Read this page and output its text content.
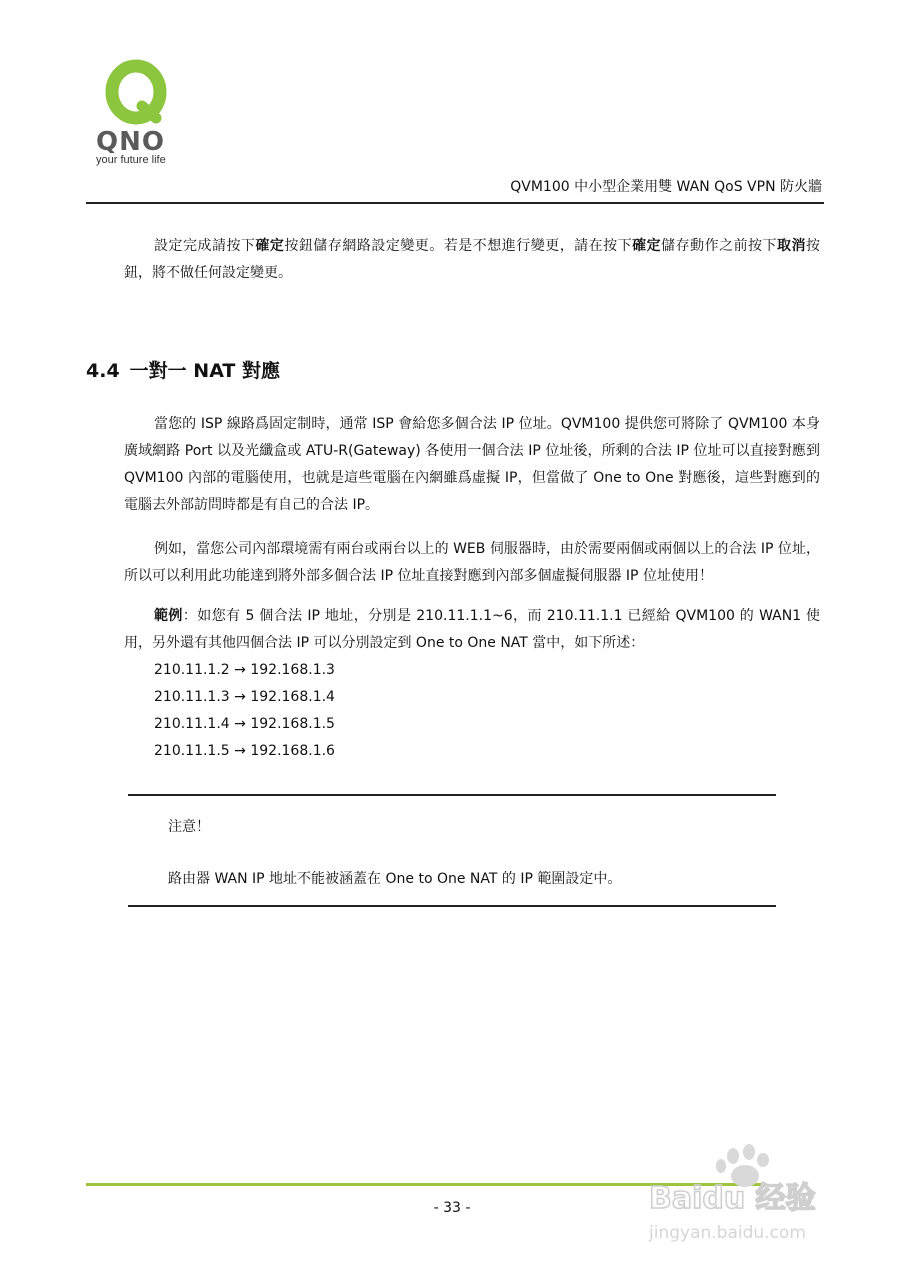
QNO
your future life
QVM100 中小型企業用雙 WAN QoS VPN 防火牆

設定完成請按下確定按鈕儲存網路設定變更。若是不想進行變更，請在按下確定儲存動作之前按下取消按鈕，將不做任何設定變更。

4.4 一對一 NAT 對應

當您的 ISP 線路爲固定制時，通常 ISP 會給您多個合法 IP 位址。QVM100 提供您可將除了 QVM100 本身廣域網路 Port 以及光纖盒或 ATU-R(Gateway) 各使用一個合法 IP 位址後，所剩的合法 IP 位址可以直接對應到 QVM100 內部的電腦使用，也就是這些電腦在內網雖爲虛擬 IP，但當做了 One to One 對應後，這些對應到的電腦去外部訪問時都是有自己的合法 IP。

例如，當您公司內部環境需有兩台或兩台以上的 WEB 伺服器時，由於需要兩個或兩個以上的合法 IP 位址，所以可以利用此功能達到將外部多個合法 IP 位址直接對應到內部多個虛擬伺服器 IP 位址使用！

範例：如您有 5 個合法 IP 地址，分別是 210.11.1.1~6，而 210.11.1.1 已經給 QVM100 的 WAN1 使用，另外還有其他四個合法 IP 可以分別設定到 One to One NAT 當中，如下所述：

210.11.1.2 → 192.168.1.3
210.11.1.3 → 192.168.1.4
210.11.1.4 → 192.168.1.5
210.11.1.5 → 192.168.1.6
注意！
路由器 WAN IP 地址不能被涵蓋在 One to One NAT 的 IP 範圍設定中。
- 33 -	Baidu 经验
jingyan.baidu.com
